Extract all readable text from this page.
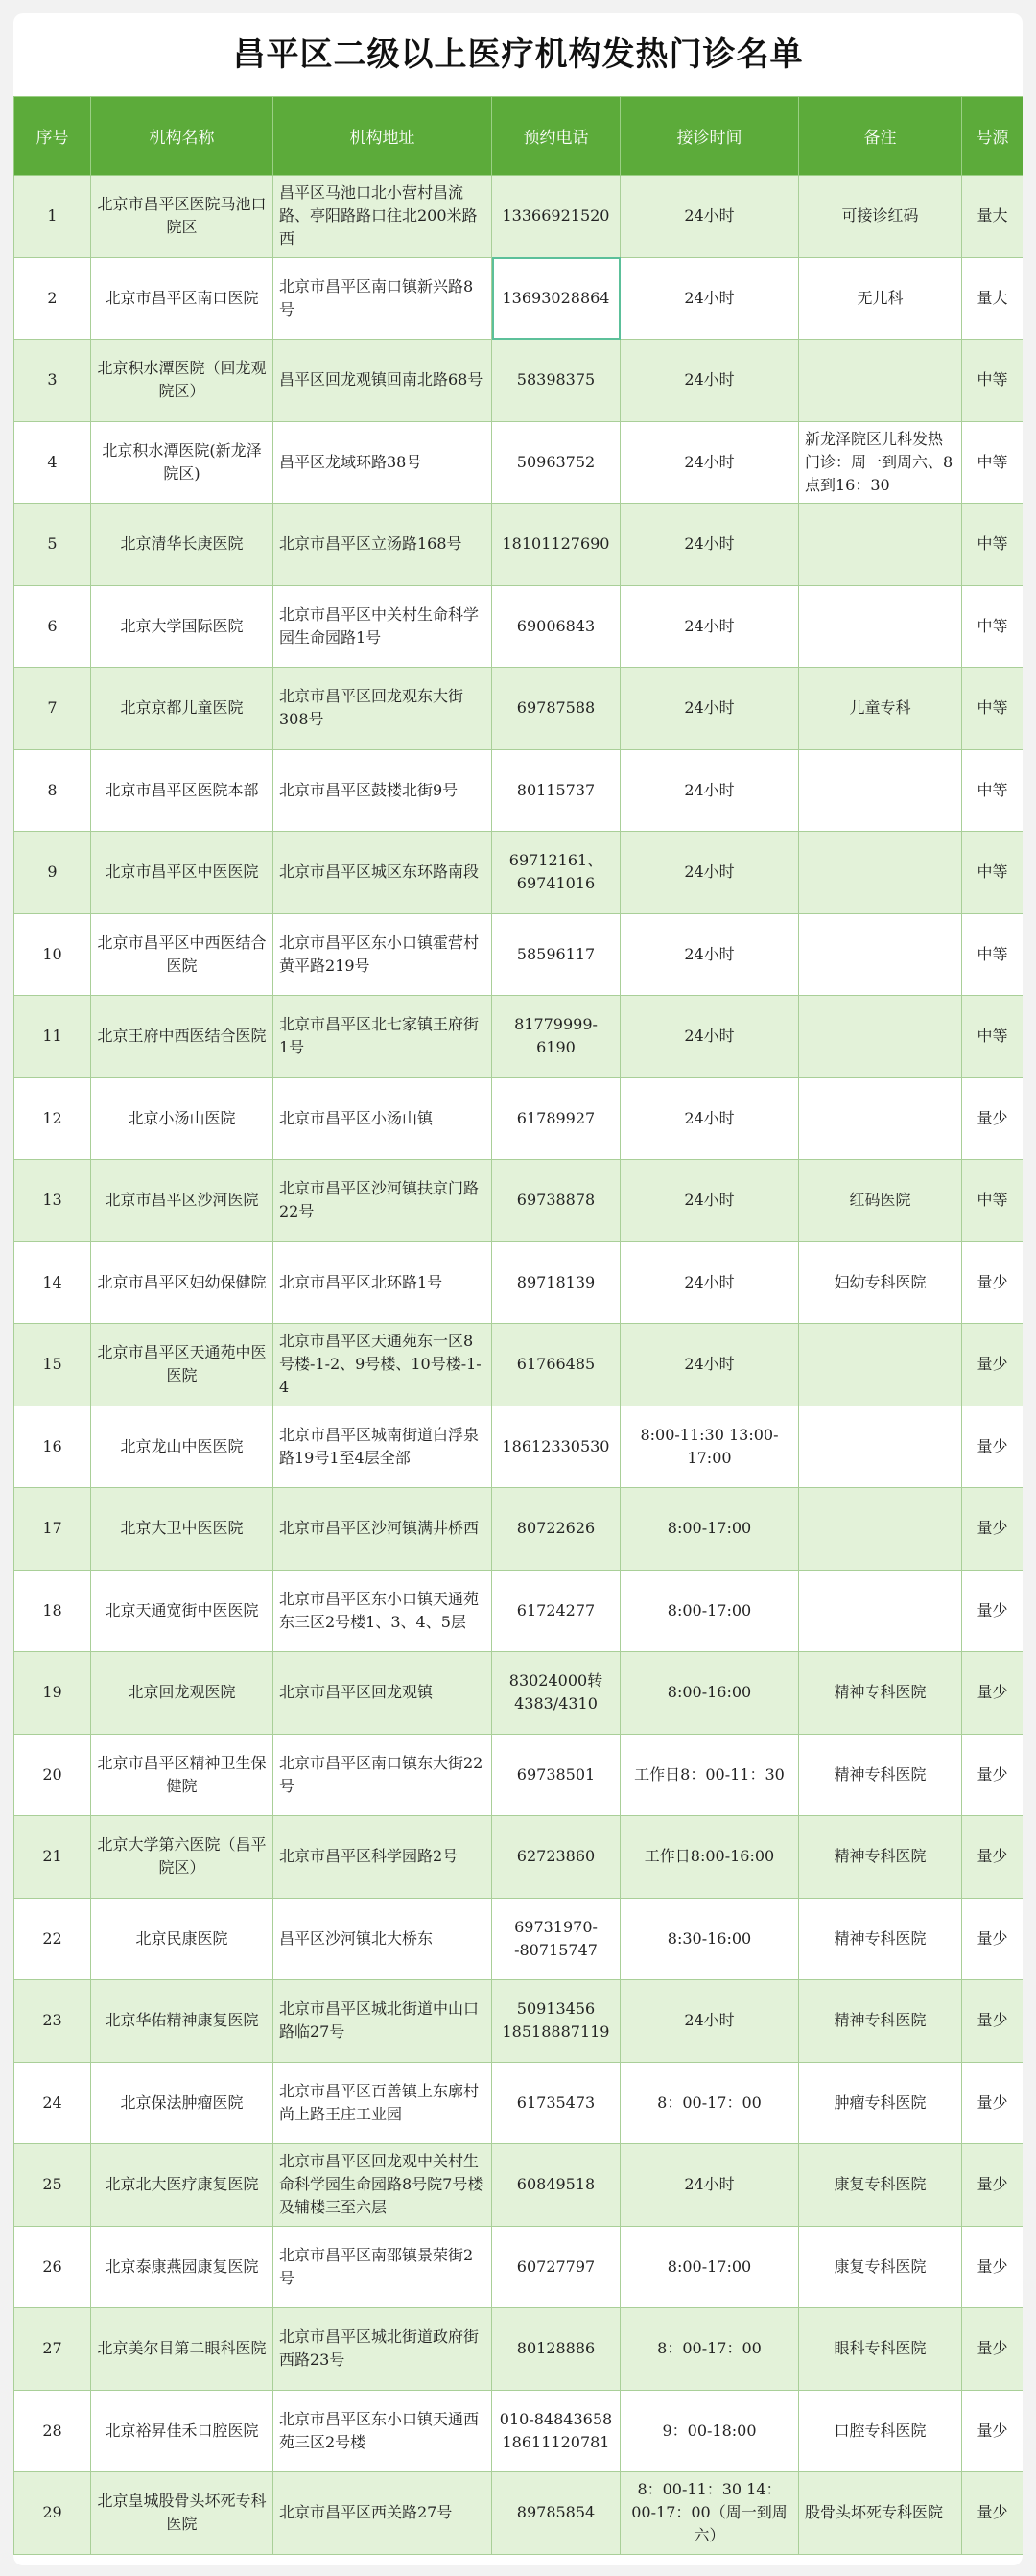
昌平区二级以上医疗机构发热门诊名单
序号	机构名称	机构地址	预约电话	接诊时间	备注	号源
1	北京市昌平区医院马池口院区	昌平区马池口北小营村昌流路、亭阳路路口往北200米路西	13366921520	24小时	可接诊红码	量大
2	北京市昌平区南口医院	北京市昌平区南口镇新兴路8号	13693028864	24小时	无儿科	量大
3	北京积水潭医院（回龙观院区）	昌平区回龙观镇回南北路68号	58398375	24小时		中等
4	北京积水潭医院(新龙泽院区)	昌平区龙域环路38号	50963752	24小时	新龙泽院区儿科发热门诊：周一到周六、8点到16：30	中等
5	北京清华长庚医院	北京市昌平区立汤路168号	18101127690	24小时		中等
6	北京大学国际医院	北京市昌平区中关村生命科学园生命园路1号	69006843	24小时		中等
7	北京京都儿童医院	北京市昌平区回龙观东大街308号	69787588	24小时	儿童专科	中等
8	北京市昌平区医院本部	北京市昌平区鼓楼北街9号	80115737	24小时		中等
9	北京市昌平区中医医院	北京市昌平区城区东环路南段	69712161、69741016	24小时		中等
10	北京市昌平区中西医结合医院	北京市昌平区东小口镇霍营村黄平路219号	58596117	24小时		中等
11	北京王府中西医结合医院	北京市昌平区北七家镇王府街1号	81779999-6190	24小时		中等
12	北京小汤山医院	北京市昌平区小汤山镇	61789927	24小时		量少
13	北京市昌平区沙河医院	北京市昌平区沙河镇扶京门路22号	69738878	24小时	红码医院	中等
14	北京市昌平区妇幼保健院	北京市昌平区北环路1号	89718139	24小时	妇幼专科医院	量少
15	北京市昌平区天通苑中医医院	北京市昌平区天通苑东一区8号楼-1-2、9号楼、10号楼-1-4	61766485	24小时		量少
16	北京龙山中医医院	北京市昌平区城南街道白浮泉路19号1至4层全部	18612330530	8:00-11:30 13:00-17:00		量少
17	北京大卫中医医院	北京市昌平区沙河镇满井桥西	80722626	8:00-17:00		量少
18	北京天通宽街中医医院	北京市昌平区东小口镇天通苑东三区2号楼1、3、4、5层	61724277	8:00-17:00		量少
19	北京回龙观医院	北京市昌平区回龙观镇	83024000转4383/4310	8:00-16:00	精神专科医院	量少
20	北京市昌平区精神卫生保健院	北京市昌平区南口镇东大街22号	69738501	工作日8：00-11：30	精神专科医院	量少
21	北京大学第六医院（昌平院区）	北京市昌平区科学园路2号	62723860	工作日8:00-16:00	精神专科医院	量少
22	北京民康医院	昌平区沙河镇北大桥东	69731970--80715747	8:30-16:00	精神专科医院	量少
23	北京华佑精神康复医院	北京市昌平区城北街道中山口路临27号	50913456 18518887119	24小时	精神专科医院	量少
24	北京保法肿瘤医院	北京市昌平区百善镇上东廓村尚上路王庄工业园	61735473	8：00-17：00	肿瘤专科医院	量少
25	北京北大医疗康复医院	北京市昌平区回龙观中关村生命科学园生命园路8号院7号楼及辅楼三至六层	60849518	24小时	康复专科医院	量少
26	北京泰康燕园康复医院	北京市昌平区南邵镇景荣街2号	60727797	8:00-17:00	康复专科医院	量少
27	北京美尔目第二眼科医院	北京市昌平区城北街道政府街西路23号	80128886	8：00-17：00	眼科专科医院	量少
28	北京裕昇佳禾口腔医院	北京市昌平区东小口镇天通西苑三区2号楼	010-84843658 18611120781	9：00-18:00	口腔专科医院	量少
29	北京皇城股骨头坏死专科医院	北京市昌平区西关路27号	89785854	8：00-11：30 14：00-17：00（周一到周六）	股骨头坏死专科医院	量少
